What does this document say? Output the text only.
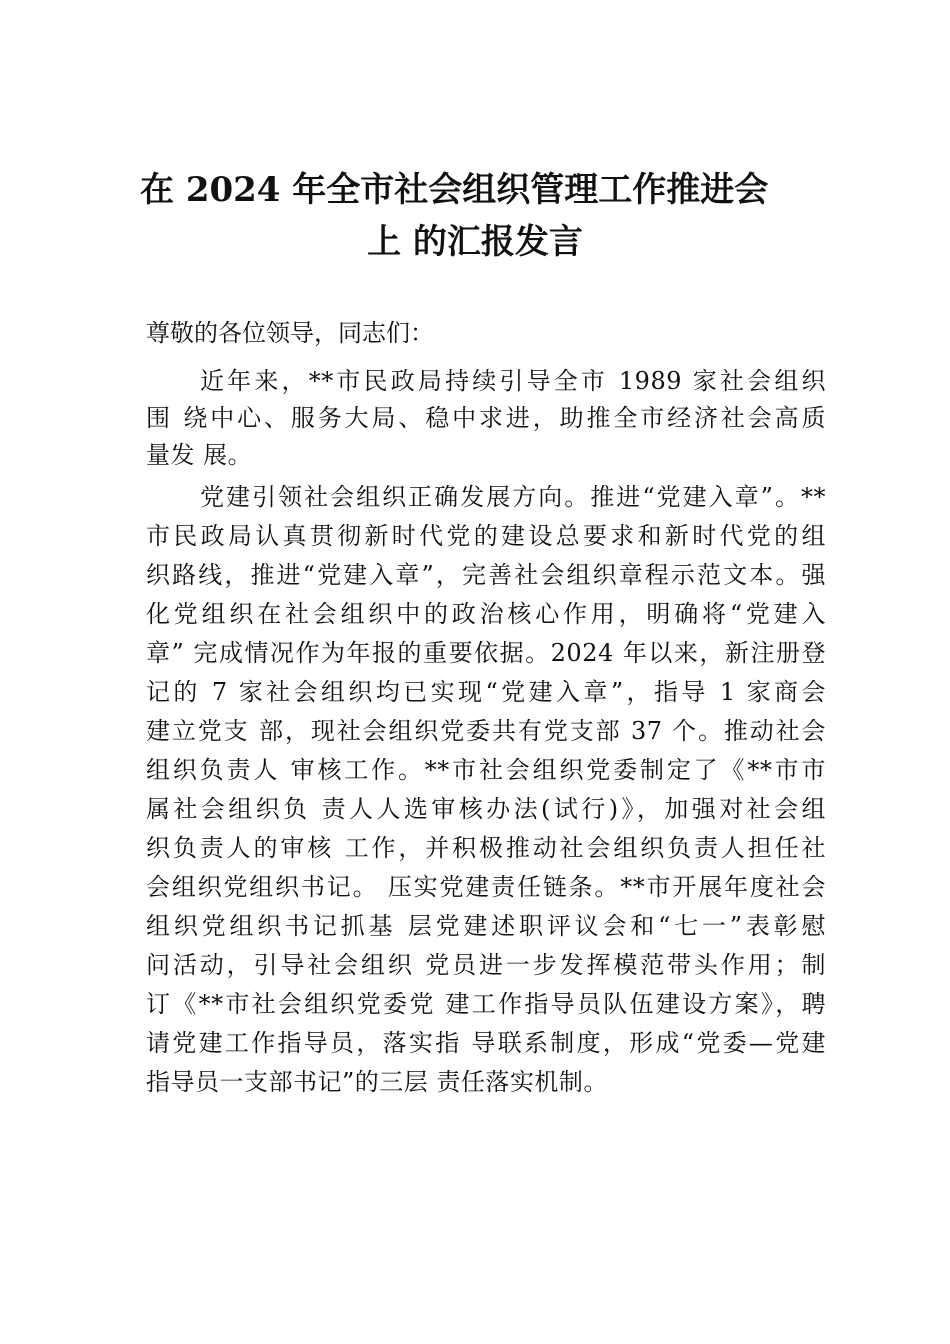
在 2024 年全市社会组织管理工作推进会
上 的汇报发言
尊敬的各位领导，同志们：
近年来，**市民政局持续引导全市 1989 家社会组织
围 绕中心、服务大局、稳中求进，助推全市经济社会高质
量发 展。
党建引领社会组织正确发展方向。推进“党建入章”。**
市民政局认真贯彻新时代党的建设总要求和新时代党的组
织路线，推进“党建入章”，完善社会组织章程示范文本。强
化党组织在社会组织中的政治核心作用，明确将“党建入
章” 完成情况作为年报的重要依据。2024 年以来，新注册登
记的 7 家社会组织均已实现“党建入章”，指导 1 家商会
建立党支 部，现社会组织党委共有党支部 37 个。推动社会
组织负责人 审核工作。**市社会组织党委制定了《**市市
属社会组织负 责人人选审核办法(试行)》，加强对社会组
织负责人的审核 工作，并积极推动社会组织负责人担任社
会组织党组织书记。 压实党建责任链条。**市开展年度社会
组织党组织书记抓基 层党建述职评议会和“七一”表彰慰
问活动，引导社会组织 党员进一步发挥模范带头作用；制
订《**市社会组织党委党 建工作指导员队伍建设方案》，聘
请党建工作指导员，落实指 导联系制度，形成“党委—党建
指导员一支部书记”的三层 责任落实机制。
